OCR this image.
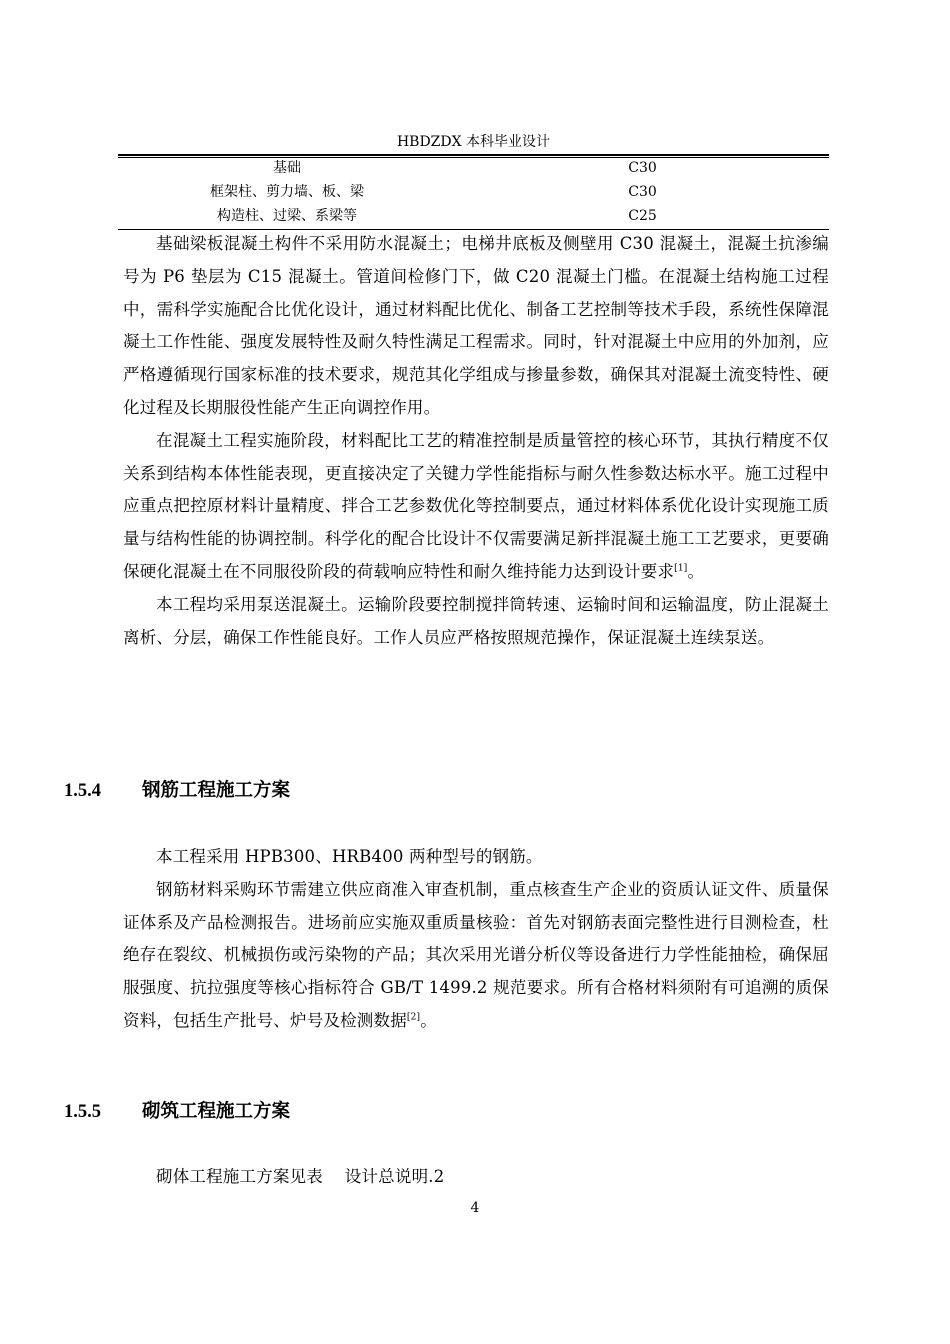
HBDZDX 本科毕业设计
基础	C30
框架柱、剪力墙、板、梁	C30
构造柱、过梁、系梁等	C25

基础梁板混凝土构件不采用防水混凝土；电梯井底板及侧壁用 C30 混凝土，混凝土抗渗编号为 P6 垫层为 C15 混凝土。管道间检修门下，做 C20 混凝土门槛。在混凝土结构施工过程中，需科学实施配合比优化设计，通过材料配比优化、制备工艺控制等技术手段，系统性保障混凝土工作性能、强度发展特性及耐久特性满足工程需求。同时，针对混凝土中应用的外加剂，应严格遵循现行国家标准的技术要求，规范其化学组成与掺量参数，确保其对混凝土流变特性、硬化过程及长期服役性能产生正向调控作用。

在混凝土工程实施阶段，材料配比工艺的精准控制是质量管控的核心环节，其执行精度不仅关系到结构本体性能表现，更直接决定了关键力学性能指标与耐久性参数达标水平。施工过程中应重点把控原材料计量精度、拌合工艺参数优化等控制要点，通过材料体系优化设计实现施工质量与结构性能的协调控制。科学化的配合比设计不仅需要满足新拌混凝土施工工艺要求，更要确保硬化混凝土在不同服役阶段的荷载响应特性和耐久维持能力达到设计要求[1]。

本工程均采用泵送混凝土。运输阶段要控制搅拌筒转速、运输时间和运输温度，防止混凝土离析、分层，确保工作性能良好。工作人员应严格按照规范操作，保证混凝土连续泵送。

1.5.4 钢筋工程施工方案

本工程采用 HPB300、HRB400 两种型号的钢筋。

钢筋材料采购环节需建立供应商准入审查机制，重点核查生产企业的资质认证文件、质量保证体系及产品检测报告。进场前应实施双重质量核验：首先对钢筋表面完整性进行目测检查，杜绝存在裂纹、机械损伤或污染物的产品；其次采用光谱分析仪等设备进行力学性能抽检，确保屈服强度、抗拉强度等核心指标符合 GB/T 1499.2 规范要求。所有合格材料须附有可追溯的质保资料，包括生产批号、炉号及检测数据[2]。

1.5.5 砌筑工程施工方案

砌体工程施工方案见表    设计总说明.2

4
